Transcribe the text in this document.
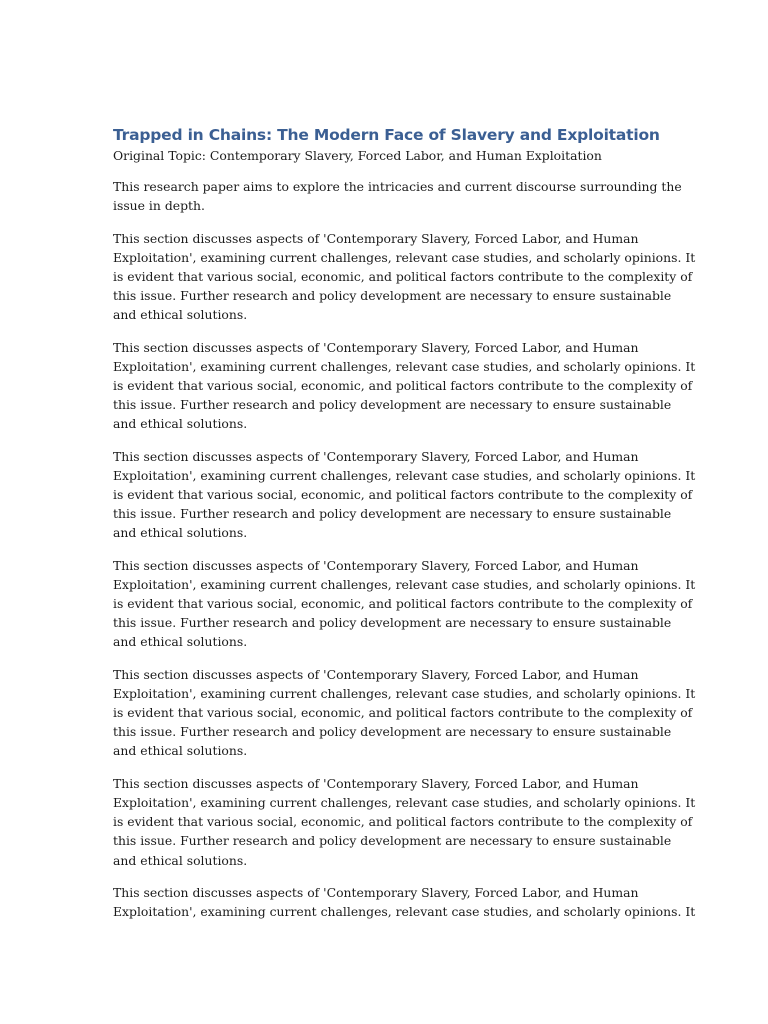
Trapped in Chains: The Modern Face of Slavery and Exploitation

Original Topic: Contemporary Slavery, Forced Labor, and Human Exploitation

This research paper aims to explore the intricacies and current discourse surrounding the
issue in depth.

This section discusses aspects of 'Contemporary Slavery, Forced Labor, and Human
Exploitation', examining current challenges, relevant case studies, and scholarly opinions. It
is evident that various social, economic, and political factors contribute to the complexity of
this issue. Further research and policy development are necessary to ensure sustainable
and ethical solutions.

This section discusses aspects of 'Contemporary Slavery, Forced Labor, and Human
Exploitation', examining current challenges, relevant case studies, and scholarly opinions. It
is evident that various social, economic, and political factors contribute to the complexity of
this issue. Further research and policy development are necessary to ensure sustainable
and ethical solutions.

This section discusses aspects of 'Contemporary Slavery, Forced Labor, and Human
Exploitation', examining current challenges, relevant case studies, and scholarly opinions. It
is evident that various social, economic, and political factors contribute to the complexity of
this issue. Further research and policy development are necessary to ensure sustainable
and ethical solutions.

This section discusses aspects of 'Contemporary Slavery, Forced Labor, and Human
Exploitation', examining current challenges, relevant case studies, and scholarly opinions. It
is evident that various social, economic, and political factors contribute to the complexity of
this issue. Further research and policy development are necessary to ensure sustainable
and ethical solutions.

This section discusses aspects of 'Contemporary Slavery, Forced Labor, and Human
Exploitation', examining current challenges, relevant case studies, and scholarly opinions. It
is evident that various social, economic, and political factors contribute to the complexity of
this issue. Further research and policy development are necessary to ensure sustainable
and ethical solutions.

This section discusses aspects of 'Contemporary Slavery, Forced Labor, and Human
Exploitation', examining current challenges, relevant case studies, and scholarly opinions. It
is evident that various social, economic, and political factors contribute to the complexity of
this issue. Further research and policy development are necessary to ensure sustainable
and ethical solutions.

This section discusses aspects of 'Contemporary Slavery, Forced Labor, and Human
Exploitation', examining current challenges, relevant case studies, and scholarly opinions. It
